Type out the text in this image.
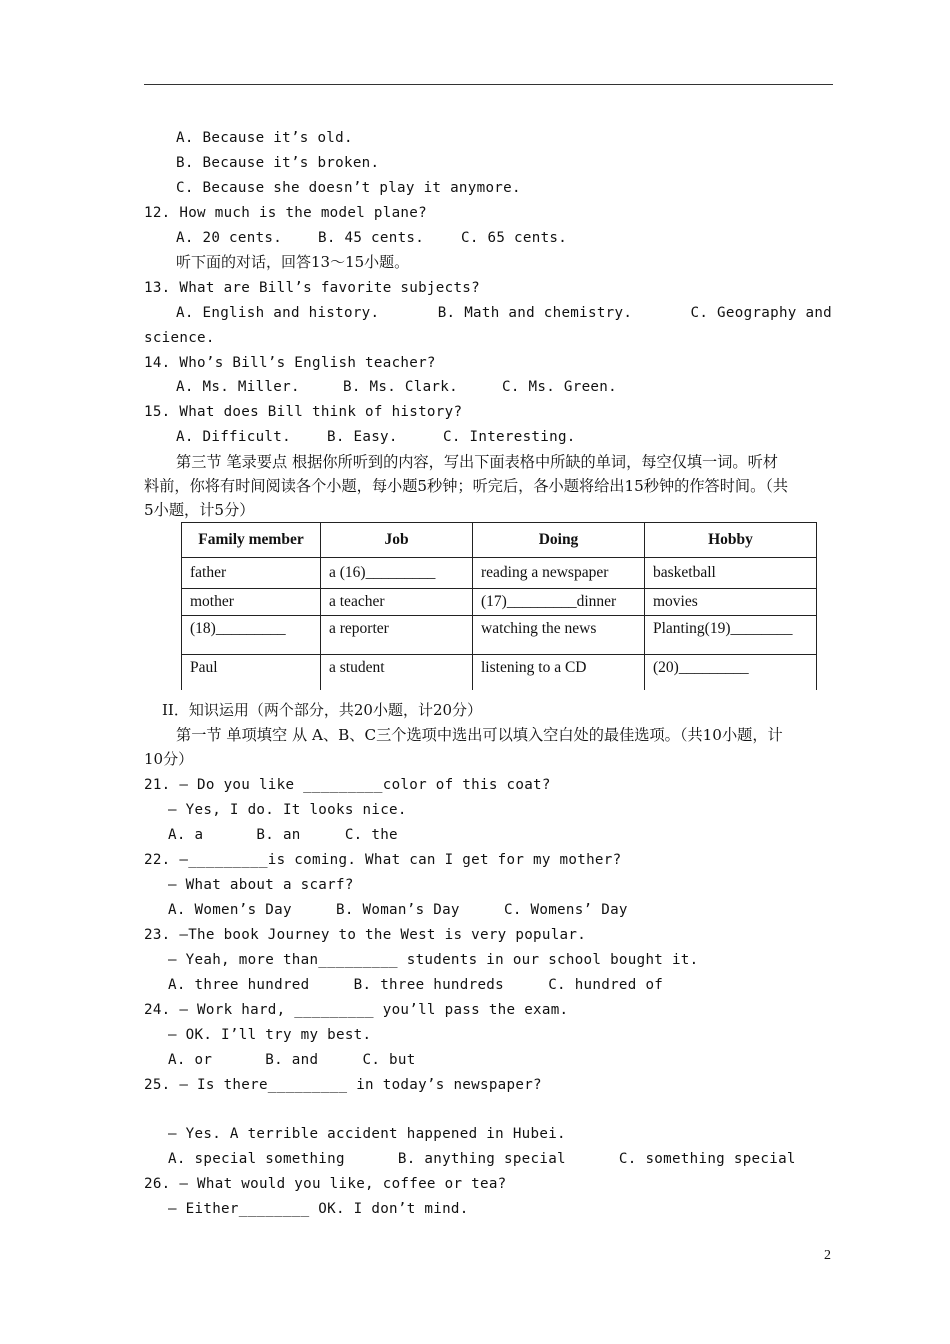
A. Because it’s old.
B. Because it’s broken.
C. Because she doesn’t play it anymore.
12. How much is the model plane?
A. 20 cents.	B. 45 cents.	C. 65 cents.
听下面的对话，回答13～15小题。
13. What are Bill’s favorite subjects?
A. English and history.	B. Math and chemistry.	C. Geography and
science.
14. Who’s Bill’s English teacher?
A. Ms. Miller.	B. Ms. Clark.	C. Ms. Green.
15. What does Bill think of history?
A. Difficult.	B. Easy.	C. Interesting.
第三节 笔录要点 根据你所听到的内容，写出下面表格中所缺的单词，每空仅填一词。听材
料前，你将有时间阅读各个小题，每小题5秒钟；听完后，各小题将给出15秒钟的作答时间。（共
5小题，计5分）
Family member	Job	Doing	Hobby
father	a (16)_________	reading a newspaper	basketball
mother	a teacher	(17)_________dinner	movies
(18)_________	a reporter	watching the news	Planting(19)________
Paul	a student	listening to a CD	(20)_________
II．知识运用（两个部分，共20小题，计20分）
第一节 单项填空 从 A、B、C三个选项中选出可以填入空白处的最佳选项。（共10小题，计
10分）
21. — Do you like _________color of this coat?
— Yes, I do. It looks nice.
A. a      B. an     C. the
22. —_________is coming. What can I get for my mother?
— What about a scarf?
A. Women’s Day     B. Woman’s Day     C. Womens’ Day
23. —The book Journey to the West is very popular.
— Yeah, more than_________ students in our school bought it.
A. three hundred     B. three hundreds     C. hundred of
24. — Work hard, _________ you’ll pass the exam.
— OK. I’ll try my best.
A. or      B. and     C. but
25. — Is there_________ in today’s newspaper?
— Yes. A terrible accident happened in Hubei.
A. special something      B. anything special      C. something special
26. — What would you like, coffee or tea?
— Either________ OK. I don’t mind.
2
